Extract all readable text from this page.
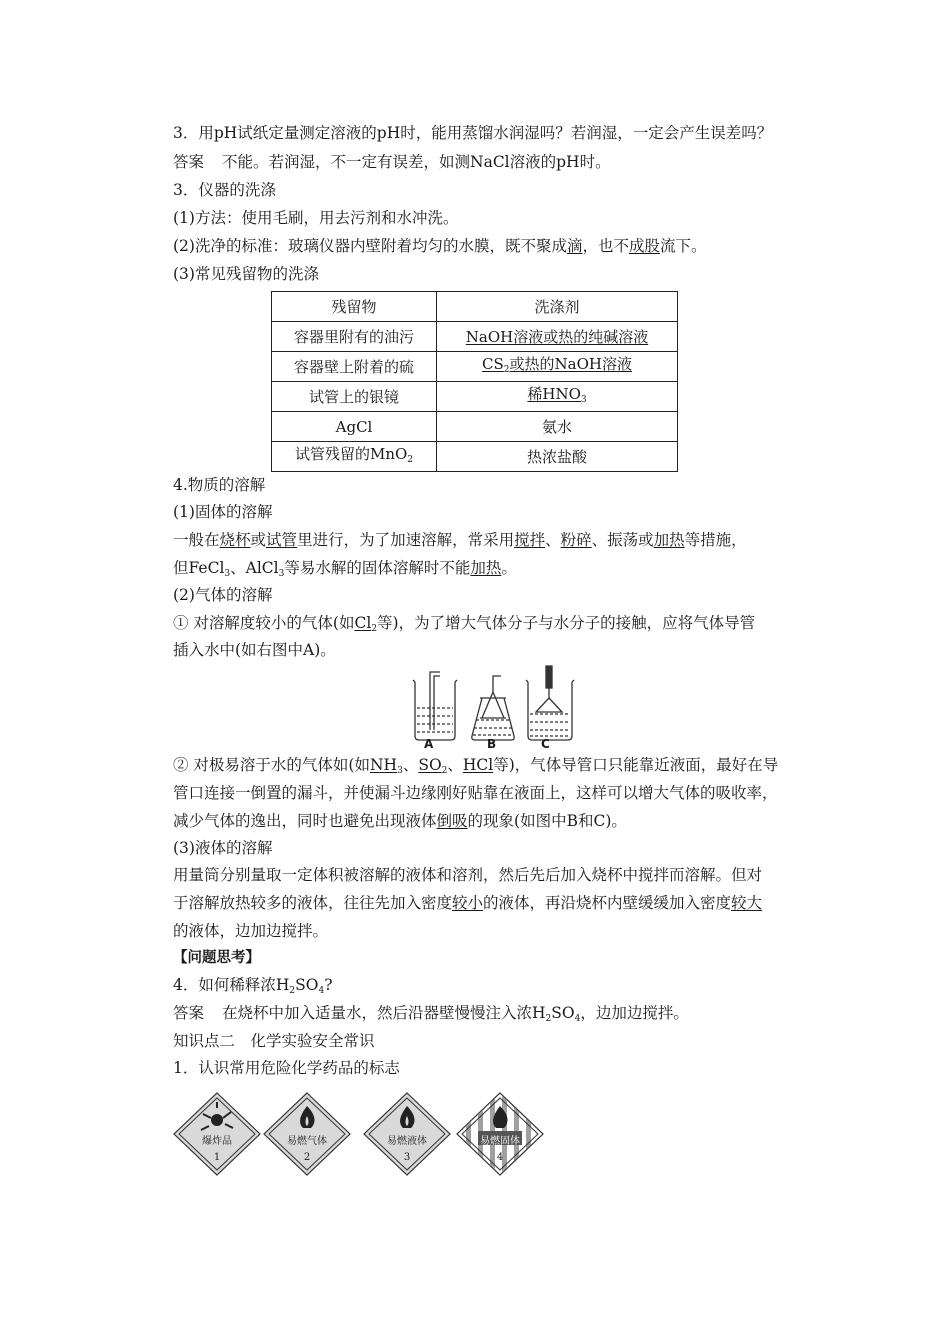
3．用pH试纸定量测定溶液的pH时，能用蒸馏水润湿吗？若润湿，一定会产生误差吗？
答案 不能。若润湿，不一定有误差，如测NaCl溶液的pH时。
3．仪器的洗涤
(1)方法：使用毛刷，用去污剂和水冲洗。
(2)洗净的标准：玻璃仪器内壁附着均匀的水膜，既不聚成滴，也不成股流下。
(3)常见残留物的洗涤
残留物	洗涤剂
容器里附有的油污	NaOH溶液或热的纯碱溶液
容器壁上附着的硫	$CS_2$或热的NaOH溶液
试管上的银镜	稀$HNO_3$
AgCl	氨水
试管残留的MnO$_2$	热浓盐酸
4.物质的溶解
(1)固体的溶解
一般在烧杯或试管里进行，为了加速溶解，常采用搅拌、粉碎、振荡或加热等措施，
但FeCl$_3$、AlCl$_3$等易水解的固体溶解时不能加热。
(2)气体的溶解
① 对溶解度较小的气体(如$Cl_2$等)，为了增大气体分子与水分子的接触，应将气体导管
插入水中(如右图中A)。
A	B	C
② 对极易溶于水的气体如(如$NH_3$、$SO_2$、HCl等)，气体导管口只能靠近液面，最好在导
管口连接一倒置的漏斗，并使漏斗边缘刚好贴靠在液面上，这样可以增大气体的吸收率，
减少气体的逸出，同时也避免出现液体倒吸的现象(如图中B和C)。
(3)液体的溶解
用量筒分别量取一定体积被溶解的液体和溶剂，然后先后加入烧杯中搅拌而溶解。但对
于溶解放热较多的液体，往往先加入密度较小的液体，再沿烧杯内壁缓缓加入密度较大
的液体，边加边搅拌。
【问题思考】
4．如何稀释浓$H_2SO_4$?
答案 在烧杯中加入适量水，然后沿器壁慢慢注入浓$H_2SO_4$，边加边搅拌。
知识点二　化学实验安全常识
1．认识常用危险化学药品的标志
爆炸品
1
易燃气体
2
易燃液体
3
易燃固体
4
